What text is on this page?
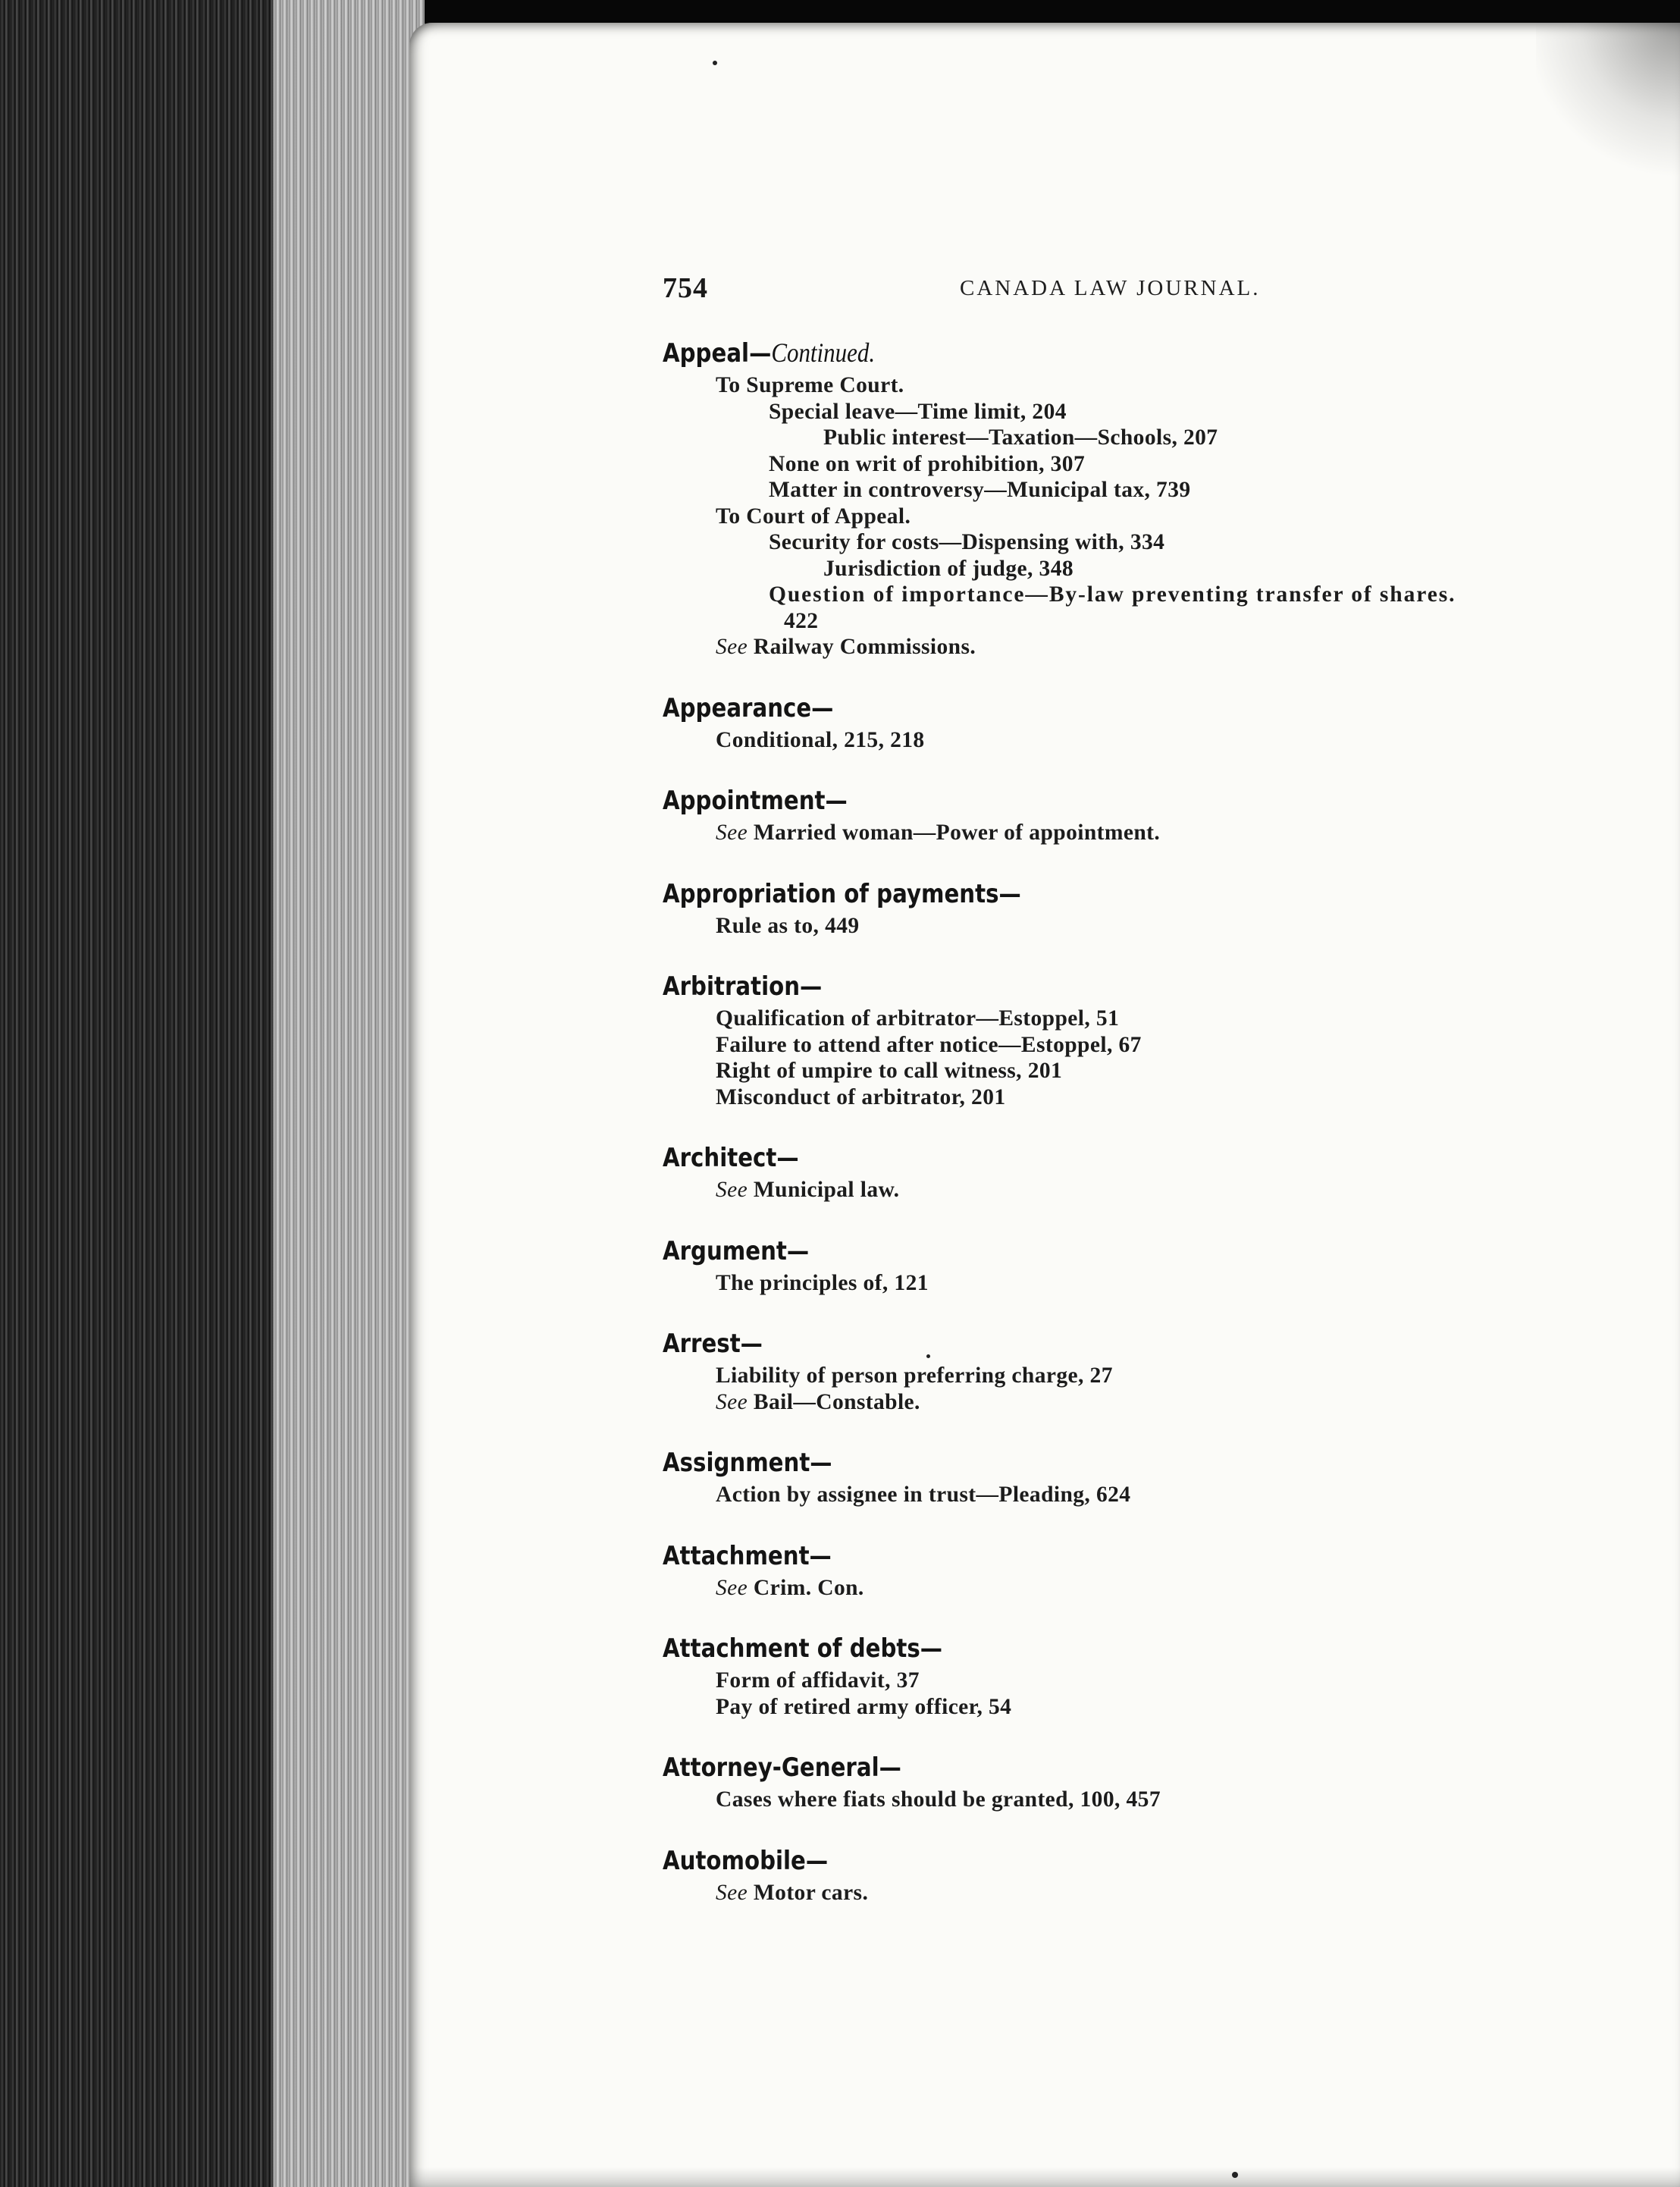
754	CANADA LAW JOURNAL.
Appeal—Continued.
To Supreme Court.
Special leave—Time limit, 204
Public interest—Taxation—Schools, 207
None on writ of prohibition, 307
Matter in controversy—Municipal tax, 739
To Court of Appeal.
Security for costs—Dispensing with, 334
Jurisdiction of judge, 348
Question of importance—By-law preventing transfer of shares.
422
See Railway Commissions.
Appearance—
Conditional, 215, 218
Appointment—
See Married woman—Power of appointment.
Appropriation of payments—
Rule as to, 449
Arbitration—
Qualification of arbitrator—Estoppel, 51
Failure to attend after notice—Estoppel, 67
Right of umpire to call witness, 201
Misconduct of arbitrator, 201
Architect—
See Municipal law.
Argument—
The principles of, 121
Arrest—
Liability of person preferring charge, 27
See Bail—Constable.
Assignment—
Action by assignee in trust—Pleading, 624
Attachment—
See Crim. Con.
Attachment of debts—
Form of affidavit, 37
Pay of retired army officer, 54
Attorney-General—
Cases where fiats should be granted, 100, 457
Automobile—
See Motor cars.
